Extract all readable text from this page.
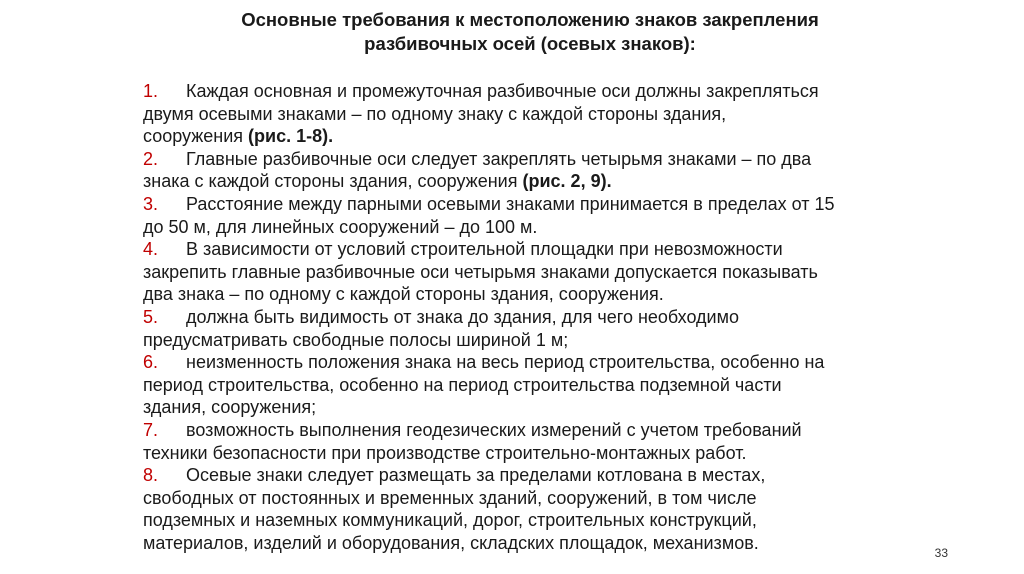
Основные требования к местоположению знаков закрепления
разбивочных осей (осевых знаков):
1. Каждая основная и промежуточная разбивочные оси должны закрепляться
двумя осевыми знаками – по одному знаку с каждой стороны здания,
сооружения (рис. 1-8).
2. Главные разбивочные оси следует закреплять четырьмя знаками – по два
знака с каждой стороны здания, сооружения (рис. 2, 9).
3. Расстояние между парными осевыми знаками принимается в пределах от 15
до 50 м, для линейных сооружений – до 100 м.
4. В зависимости от условий строительной площадки при невозможности
закрепить главные разбивочные оси четырьмя знаками допускается показывать
два знака – по одному с каждой стороны здания, сооружения.
5. должна быть видимость от знака до здания, для чего необходимо
предусматривать свободные полосы шириной 1 м;
6. неизменность положения знака на весь период строительства, особенно на
период строительства, особенно на период строительства подземной части
здания, сооружения;
7. возможность выполнения геодезических измерений с учетом требований
техники безопасности при производстве строительно-монтажных работ.
8. Осевые знаки следует размещать за пределами котлована в местах,
свободных от постоянных и временных зданий, сооружений, в том числе
подземных и наземных коммуникаций, дорог, строительных конструкций,
материалов, изделий и оборудования, складских площадок, механизмов.
33
